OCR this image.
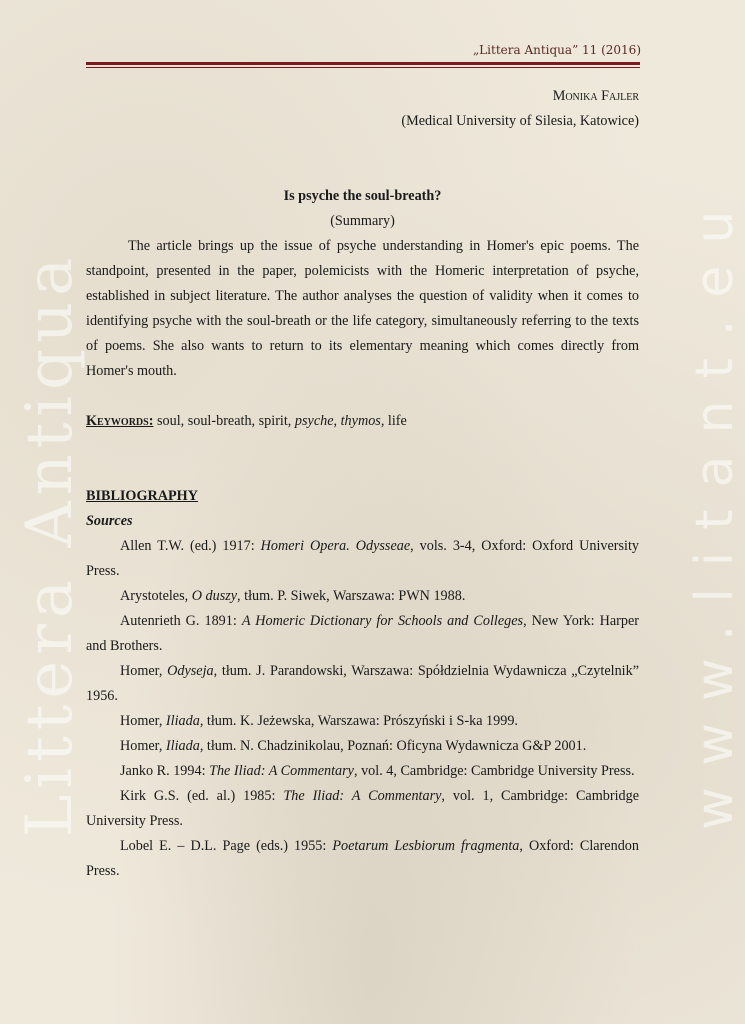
Littera Antiqua	www.litant.eu
„Littera Antiqua” 11 (2016)
Monika Fajler
(Medical University of Silesia, Katowice)
Is psyche the soul-breath?
(Summary)

The article brings up the issue of psyche understanding in Homer's epic poems. The standpoint, presented in the paper, polemicists with the Homeric interpretation of psyche, established in subject literature. The author analyses the question of validity when it comes to identifying psyche with the soul-breath or the life category, simultaneously referring to the texts of poems. She also wants to return to its elementary meaning which comes directly from Homer's mouth.

Keywords: soul, soul-breath, spirit, psyche, thymos, life
BIBLIOGRAPHY
Sources

Allen T.W. (ed.) 1917: Homeri Opera. Odysseae, vols. 3-4, Oxford: Oxford University Press.

Arystoteles, O duszy, tłum. P. Siwek, Warszawa: PWN 1988.

Autenrieth G. 1891: A Homeric Dictionary for Schools and Colleges, New York: Harper and Brothers.

Homer, Odyseja, tłum. J. Parandowski, Warszawa: Spółdzielnia Wydawnicza „Czytelnik” 1956.

Homer, Iliada, tłum. K. Jeżewska, Warszawa: Prószyński i S-ka 1999.

Homer, Iliada, tłum. N. Chadzinikolau, Poznań: Oficyna Wydawnicza G&P 2001.

Janko R. 1994: The Iliad: A Commentary, vol. 4, Cambridge: Cambridge University Press.

Kirk G.S. (ed. al.) 1985: The Iliad: A Commentary, vol. 1, Cambridge: Cambridge University Press.

Lobel E. – D.L. Page (eds.) 1955: Poetarum Lesbiorum fragmenta, Oxford: Clarendon Press.
